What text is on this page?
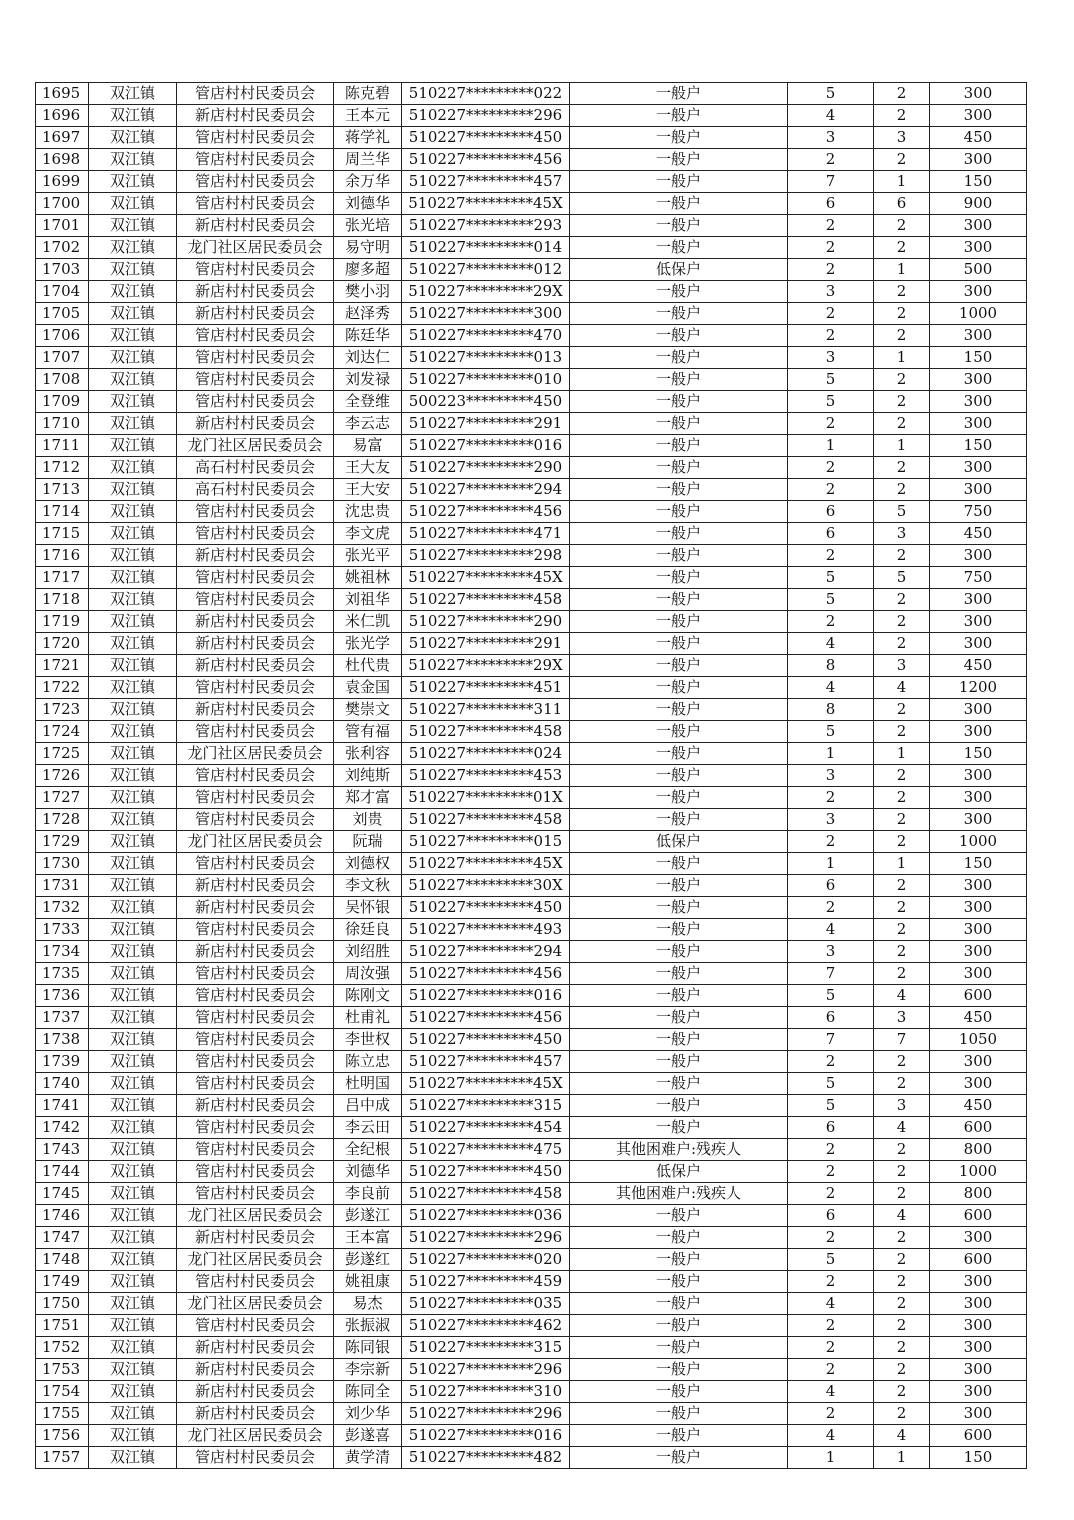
1695	双江镇	管店村村民委员会	陈克碧	510227*********022	一般户	5	2	300
1696	双江镇	新店村村民委员会	王本元	510227*********296	一般户	4	2	300
1697	双江镇	管店村村民委员会	蒋学礼	510227*********450	一般户	3	3	450
1698	双江镇	管店村村民委员会	周兰华	510227*********456	一般户	2	2	300
1699	双江镇	管店村村民委员会	余万华	510227*********457	一般户	7	1	150
1700	双江镇	管店村村民委员会	刘德华	510227*********45X	一般户	6	6	900
1701	双江镇	新店村村民委员会	张光培	510227*********293	一般户	2	2	300
1702	双江镇	龙门社区居民委员会	易守明	510227*********014	一般户	2	2	300
1703	双江镇	管店村村民委员会	廖多超	510227*********012	低保户	2	1	500
1704	双江镇	新店村村民委员会	樊小羽	510227*********29X	一般户	3	2	300
1705	双江镇	新店村村民委员会	赵泽秀	510227*********300	一般户	2	2	1000
1706	双江镇	管店村村民委员会	陈廷华	510227*********470	一般户	2	2	300
1707	双江镇	管店村村民委员会	刘达仁	510227*********013	一般户	3	1	150
1708	双江镇	管店村村民委员会	刘发禄	510227*********010	一般户	5	2	300
1709	双江镇	管店村村民委员会	全登维	500223*********450	一般户	5	2	300
1710	双江镇	新店村村民委员会	李云志	510227*********291	一般户	2	2	300
1711	双江镇	龙门社区居民委员会	易富	510227*********016	一般户	1	1	150
1712	双江镇	高石村村民委员会	王大友	510227*********290	一般户	2	2	300
1713	双江镇	高石村村民委员会	王大安	510227*********294	一般户	2	2	300
1714	双江镇	管店村村民委员会	沈忠贵	510227*********456	一般户	6	5	750
1715	双江镇	管店村村民委员会	李文虎	510227*********471	一般户	6	3	450
1716	双江镇	新店村村民委员会	张光平	510227*********298	一般户	2	2	300
1717	双江镇	管店村村民委员会	姚祖林	510227*********45X	一般户	5	5	750
1718	双江镇	管店村村民委员会	刘祖华	510227*********458	一般户	5	2	300
1719	双江镇	新店村村民委员会	米仁凯	510227*********290	一般户	2	2	300
1720	双江镇	新店村村民委员会	张光学	510227*********291	一般户	4	2	300
1721	双江镇	新店村村民委员会	杜代贵	510227*********29X	一般户	8	3	450
1722	双江镇	管店村村民委员会	袁金国	510227*********451	一般户	4	4	1200
1723	双江镇	新店村村民委员会	樊崇文	510227*********311	一般户	8	2	300
1724	双江镇	管店村村民委员会	管有福	510227*********458	一般户	5	2	300
1725	双江镇	龙门社区居民委员会	张利容	510227*********024	一般户	1	1	150
1726	双江镇	管店村村民委员会	刘纯斯	510227*********453	一般户	3	2	300
1727	双江镇	管店村村民委员会	郑才富	510227*********01X	一般户	2	2	300
1728	双江镇	管店村村民委员会	刘贵	510227*********458	一般户	3	2	300
1729	双江镇	龙门社区居民委员会	阮瑞	510227*********015	低保户	2	2	1000
1730	双江镇	管店村村民委员会	刘德权	510227*********45X	一般户	1	1	150
1731	双江镇	新店村村民委员会	李文秋	510227*********30X	一般户	6	2	300
1732	双江镇	新店村村民委员会	吴怀银	510227*********450	一般户	2	2	300
1733	双江镇	管店村村民委员会	徐廷良	510227*********493	一般户	4	2	300
1734	双江镇	新店村村民委员会	刘绍胜	510227*********294	一般户	3	2	300
1735	双江镇	管店村村民委员会	周汝强	510227*********456	一般户	7	2	300
1736	双江镇	管店村村民委员会	陈刚文	510227*********016	一般户	5	4	600
1737	双江镇	管店村村民委员会	杜甫礼	510227*********456	一般户	6	3	450
1738	双江镇	管店村村民委员会	李世权	510227*********450	一般户	7	7	1050
1739	双江镇	管店村村民委员会	陈立忠	510227*********457	一般户	2	2	300
1740	双江镇	管店村村民委员会	杜明国	510227*********45X	一般户	5	2	300
1741	双江镇	新店村村民委员会	吕中成	510227*********315	一般户	5	3	450
1742	双江镇	管店村村民委员会	李云田	510227*********454	一般户	6	4	600
1743	双江镇	管店村村民委员会	全纪根	510227*********475	其他困难户:残疾人	2	2	800
1744	双江镇	管店村村民委员会	刘德华	510227*********450	低保户	2	2	1000
1745	双江镇	管店村村民委员会	李良前	510227*********458	其他困难户:残疾人	2	2	800
1746	双江镇	龙门社区居民委员会	彭遂江	510227*********036	一般户	6	4	600
1747	双江镇	新店村村民委员会	王本富	510227*********296	一般户	2	2	300
1748	双江镇	龙门社区居民委员会	彭遂红	510227*********020	一般户	5	2	600
1749	双江镇	管店村村民委员会	姚祖康	510227*********459	一般户	2	2	300
1750	双江镇	龙门社区居民委员会	易杰	510227*********035	一般户	4	2	300
1751	双江镇	管店村村民委员会	张振淑	510227*********462	一般户	2	2	300
1752	双江镇	新店村村民委员会	陈同银	510227*********315	一般户	2	2	300
1753	双江镇	新店村村民委员会	李宗新	510227*********296	一般户	2	2	300
1754	双江镇	新店村村民委员会	陈同全	510227*********310	一般户	4	2	300
1755	双江镇	新店村村民委员会	刘少华	510227*********296	一般户	2	2	300
1756	双江镇	龙门社区居民委员会	彭遂喜	510227*********016	一般户	4	4	600
1757	双江镇	管店村村民委员会	黄学清	510227*********482	一般户	1	1	150
